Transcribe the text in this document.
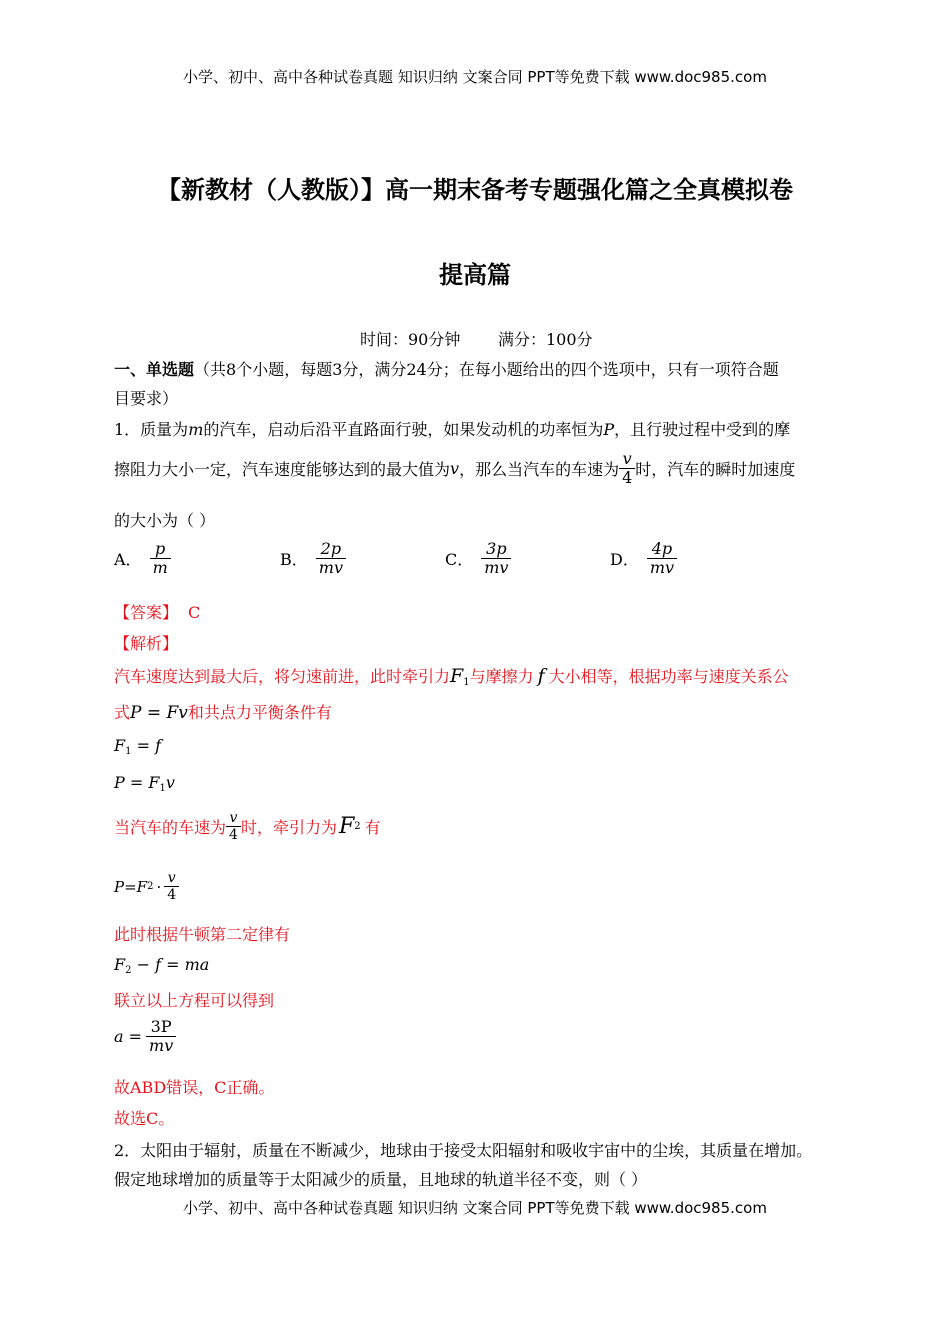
小学、初中、高中各种试卷真题 知识归纳 文案合同 PPT等免费下载 www.doc985.com
【新教材（人教版）】高一期末备考专题强化篇之全真模拟卷
提高篇
时间：90分钟 满分：100分
一、单选题（共8个小题，每题3分，满分24分；在每小题给出的四个选项中，只有一项符合题
目要求）
1．质量为m的汽车，启动后沿平直路面行驶，如果发动机的功率恒为P，且行驶过程中受到的摩
擦阻力大小一定，汽车速度能够达到的最大值为 v ，那么当汽车的车速为 $\frac{v}{4}$ 时，汽车的瞬时加速度
的大小为（ ）
A． $\frac{p}{m}$	B． $\frac{2p}{mv}$	C． $\frac{3p}{mv}$	D． $\frac{4p}{mv}$
【答案】 C
【解析】
汽车速度达到最大后，将匀速前进，此时牵引力$F_1$与摩擦力 f 大小相等，根据功率与速度关系公
式P = Fv和共点力平衡条件有
$F_1 = f$
$P = F_1v$
当汽车的车速为 $\frac{v}{4}$ 时，牵引力为 F 2 有
P=F $2 \cdot \frac{v}{4}$
此时根据牛顿第二定律有
$F_2 - f$ = ma
联立以上方程可以得到
$a = \frac{3P}{mv}$
故ABD错误，C正确。
故选C。
2．太阳由于辐射，质量在不断减少，地球由于接受太阳辐射和吸收宇宙中的尘埃，其质量在增加。
假定地球增加的质量等于太阳减少的质量，且地球的轨道半径不变，则（ ）
小学、初中、高中各种试卷真题 知识归纳 文案合同 PPT等免费下载 www.doc985.com
